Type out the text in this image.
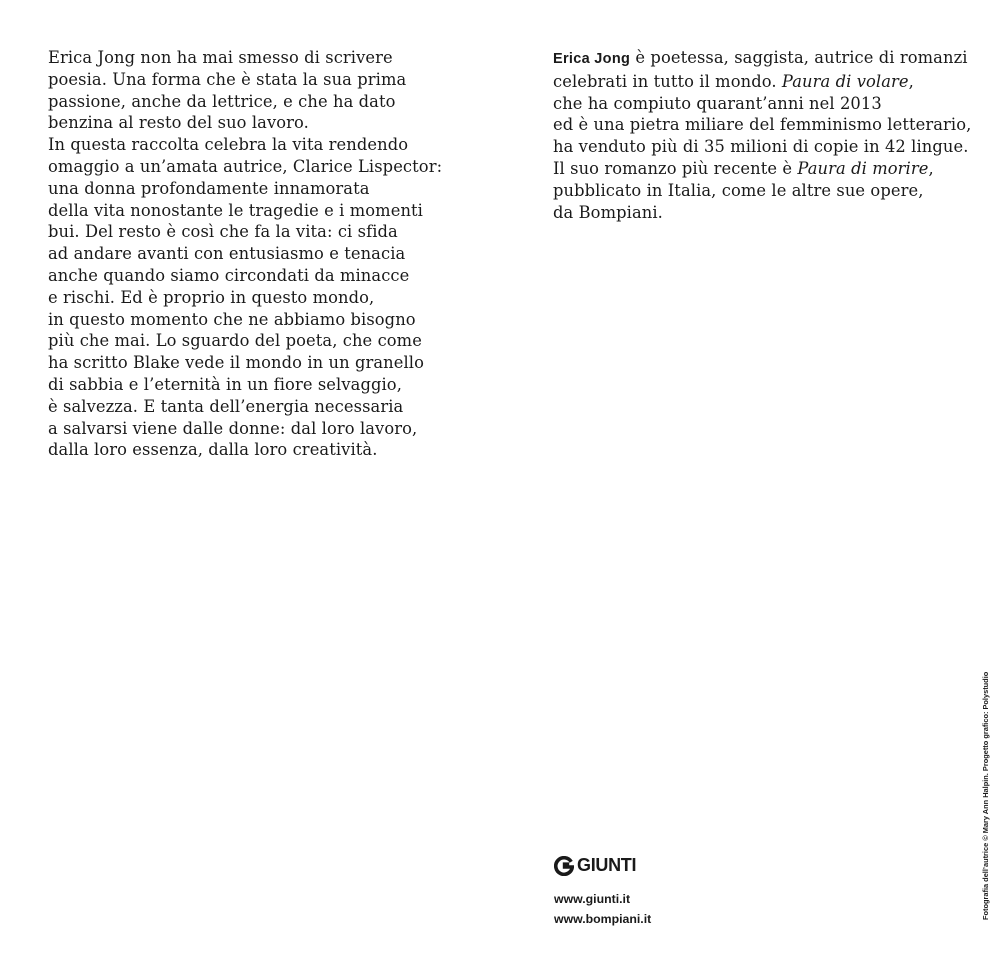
Erica Jong non ha mai smesso di scrivere
poesia. Una forma che è stata la sua prima
passione, anche da lettrice, e che ha dato
benzina al resto del suo lavoro.
In questa raccolta celebra la vita rendendo
omaggio a un’amata autrice, Clarice Lispector:
una donna profondamente innamorata
della vita nonostante le tragedie e i momenti
bui. Del resto è così che fa la vita: ci sfida
ad andare avanti con entusiasmo e tenacia
anche quando siamo circondati da minacce
e rischi. Ed è proprio in questo mondo,
in questo momento che ne abbiamo bisogno
più che mai. Lo sguardo del poeta, che come
ha scritto Blake vede il mondo in un granello
di sabbia e l’eternità in un fiore selvaggio,
è salvezza. E tanta dell’energia necessaria
a salvarsi viene dalle donne: dal loro lavoro,
dalla loro essenza, dalla loro creatività.
Erica Jong è poetessa, saggista, autrice di romanzi
celebrati in tutto il mondo. Paura di volare,
che ha compiuto quarant’anni nel 2013
ed è una pietra miliare del femminismo letterario,
ha venduto più di 35 milioni di copie in 42 lingue.
Il suo romanzo più recente è Paura di morire,
pubblicato in Italia, come le altre sue opere,
da Bompiani.
GIUNTI
www.giunti.it
www.bompiani.it	Fotografia dell’autrice © Mary Ann Halpin. Progetto grafico: Polystudio
